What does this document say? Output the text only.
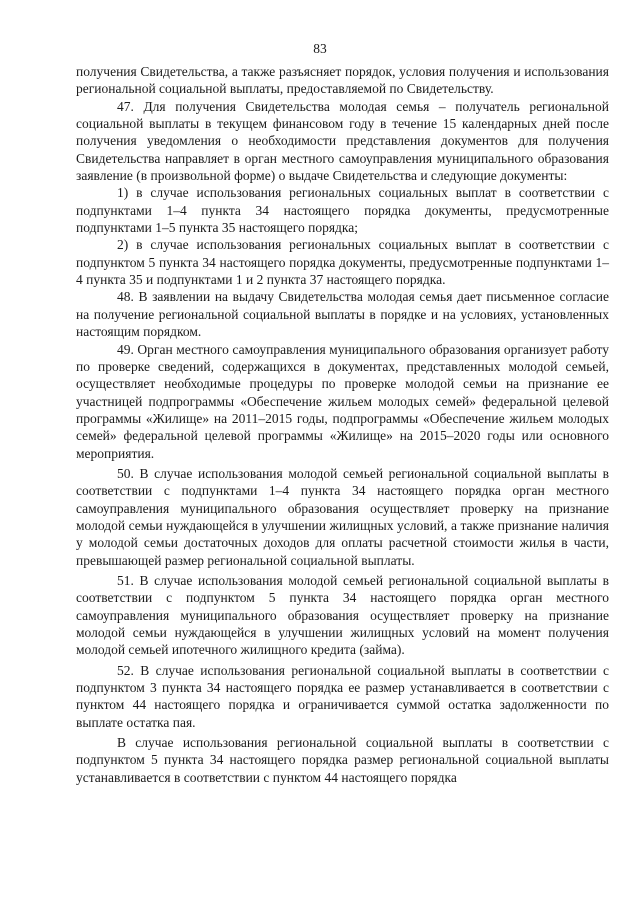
83

получения Свидетельства, а также разъясняет порядок, условия получения и использования региональной социальной выплаты, предоставляемой по Свидетельству.

47. Для получения Свидетельства молодая семья – получатель региональной социальной выплаты в текущем финансовом году в течение 15 календарных дней после получения уведомления о необходимости представления документов для получения Свидетельства направляет в орган местного самоуправления муниципального образования заявление (в произвольной форме) о выдаче Свидетельства и следующие документы:

1) в случае использования региональных социальных выплат в соответствии с подпунктами 1–4 пункта 34 настоящего порядка документы, предусмотренные подпунктами 1–5 пункта 35 настоящего порядка;

2) в случае использования региональных социальных выплат в соответствии с подпунктом 5 пункта 34 настоящего порядка документы, предусмотренные подпунктами 1–4 пункта 35 и подпунктами 1 и 2 пункта 37 настоящего порядка.

48. В заявлении на выдачу Свидетельства молодая семья дает письменное согласие на получение региональной социальной выплаты в порядке и на условиях, установленных настоящим порядком.

49. Орган местного самоуправления муниципального образования организует работу по проверке сведений, содержащихся в документах, представленных молодой семьей, осуществляет необходимые процедуры по проверке молодой семьи на признание ее участницей подпрограммы «Обеспечение жильем молодых семей» федеральной целевой программы «Жилище» на 2011–2015 годы, подпрограммы «Обеспечение жильем молодых семей» федеральной целевой программы «Жилище» на 2015–2020 годы или основного мероприятия.

50. В случае использования молодой семьей региональной социальной выплаты в соответствии с подпунктами 1–4 пункта 34 настоящего порядка орган местного самоуправления муниципального образования осуществляет проверку на признание молодой семьи нуждающейся в улучшении жилищных условий, а также признание наличия у молодой семьи достаточных доходов для оплаты расчетной стоимости жилья в части, превышающей размер региональной социальной выплаты.

51. В случае использования молодой семьей региональной социальной выплаты в соответствии с подпунктом 5 пункта 34 настоящего порядка орган местного самоуправления муниципального образования осуществляет проверку на признание молодой семьи нуждающейся в улучшении жилищных условий на момент получения молодой семьей ипотечного жилищного кредита (займа).

52. В случае использования региональной социальной выплаты в соответствии с подпунктом 3 пункта 34 настоящего порядка ее размер устанавливается в соответствии с пунктом 44 настоящего порядка и ограничивается суммой остатка задолженности по выплате остатка пая.

В случае использования региональной социальной выплаты в соответствии с подпунктом 5 пункта 34 настоящего порядка размер региональной социальной выплаты устанавливается в соответствии с пунктом 44 настоящего порядка
